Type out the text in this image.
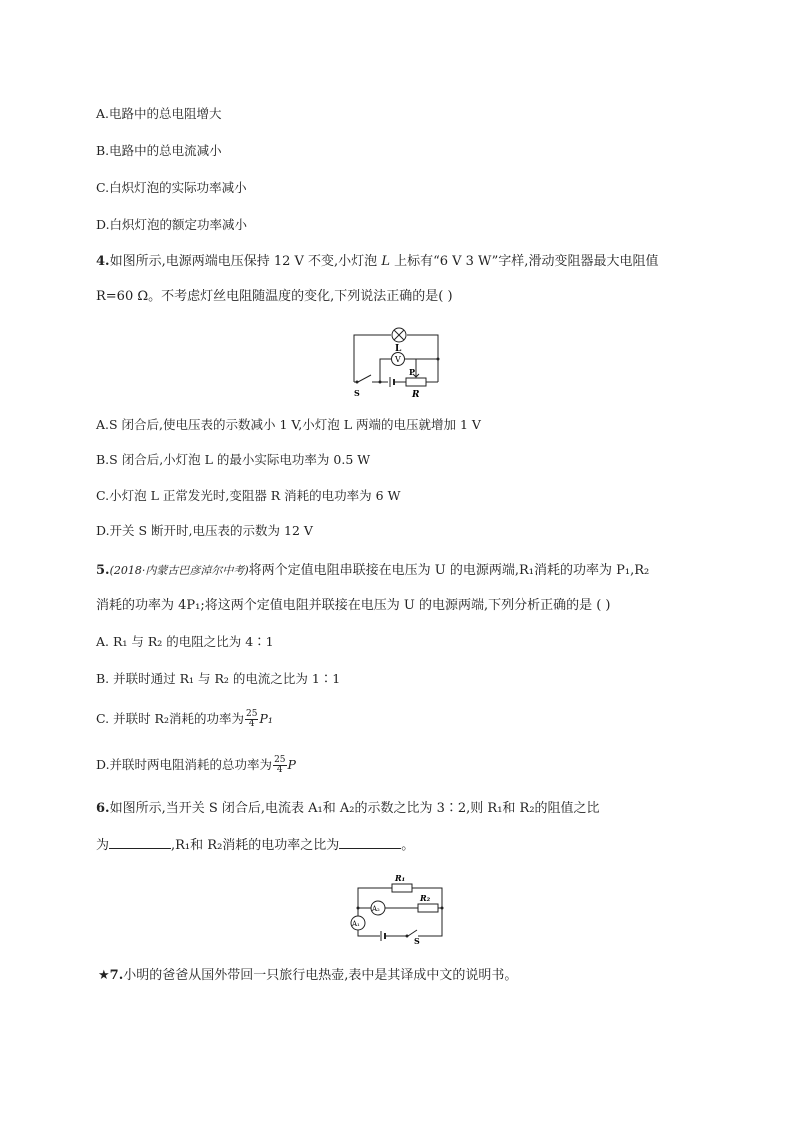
A.电路中的总电阻增大
B.电路中的总电流减小
C.白炽灯泡的实际功率减小
D.白炽灯泡的额定功率减小
4.如图所示,电源两端电压保持 12 V 不变,小灯泡 L 上标有“6 V 3 W”字样,滑动变阻器最大电阻值
R=60 Ω。不考虑灯丝电阻随温度的变化,下列说法正确的是( )
L
V
P
S	R
A.S 闭合后,使电压表的示数减小 1 V,小灯泡 L 两端的电压就增加 1 V
B.S 闭合后,小灯泡 L 的最小实际电功率为 0.5 W
C.小灯泡 L 正常发光时,变阻器 R 消耗的电功率为 6 W
D.开关 S 断开时,电压表的示数为 12 V
5.(2018·内蒙古巴彦淖尔中考)将两个定值电阻串联接在电压为 U 的电源两端,R₁消耗的功率为 P₁,R₂
消耗的功率为 4P₁;将这两个定值电阻并联接在电压为 U 的电源两端,下列分析正确的是 ( )
A. R₁ 与 R₂ 的电阻之比为 4∶1
B. 并联时通过 R₁ 与 R₂ 的电流之比为 1∶1
C. 并联时 R₂消耗的功率为 $\frac{25}{4} P_1$
D.并联时两电阻消耗的总功率为 $\frac{25}{4}$ P
6.如图所示,当开关 S 闭合后,电流表 A₁和 A₂的示数之比为 3∶2,则 R₁和 R₂的阻值之比
为	,R₁和 R₂消耗的电功率之比为	。
R₁
R₂
A₂
A₁
S
★7.小明的爸爸从国外带回一只旅行电热壶,表中是其译成中文的说明书。
